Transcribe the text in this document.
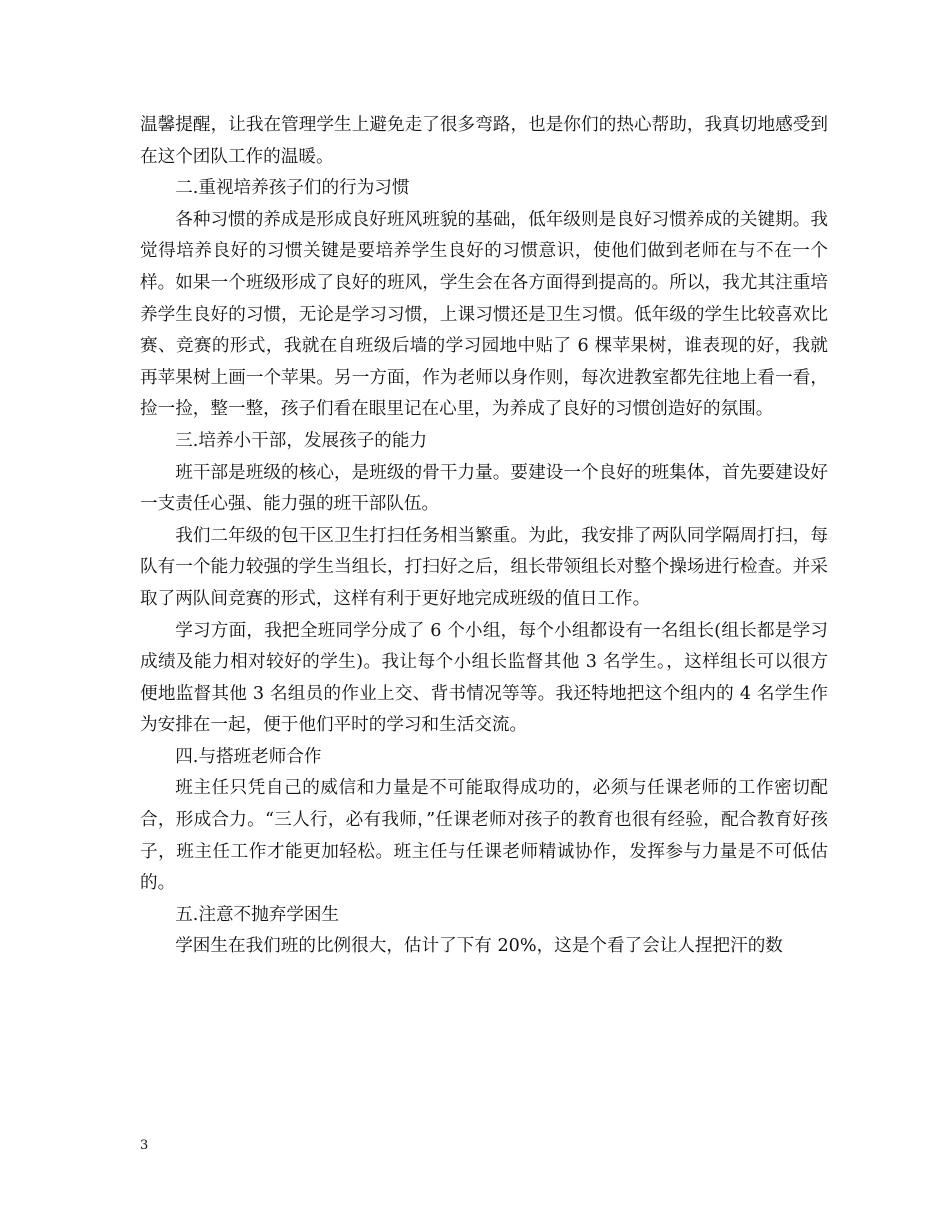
温馨提醒，让我在管理学生上避免走了很多弯路，也是你们的热心帮助，我真切地感受到在这个团队工作的温暖。

二.重视培养孩子们的行为习惯

各种习惯的养成是形成良好班风班貌的基础，低年级则是良好习惯养成的关键期。我觉得培养良好的习惯关键是要培养学生良好的习惯意识，使他们做到老师在与不在一个样。如果一个班级形成了良好的班风，学生会在各方面得到提高的。所以，我尤其注重培养学生良好的习惯，无论是学习习惯，上课习惯还是卫生习惯。低年级的学生比较喜欢比赛、竞赛的形式，我就在自班级后墙的学习园地中贴了 6 棵苹果树，谁表现的好，我就再苹果树上画一个苹果。另一方面，作为老师以身作则，每次进教室都先往地上看一看，捡一捡，整一整，孩子们看在眼里记在心里，为养成了良好的习惯创造好的氛围。

三.培养小干部，发展孩子的能力

班干部是班级的核心，是班级的骨干力量。要建设一个良好的班集体，首先要建设好一支责任心强、能力强的班干部队伍。

我们二年级的包干区卫生打扫任务相当繁重。为此，我安排了两队同学隔周打扫，每队有一个能力较强的学生当组长，打扫好之后，组长带领组长对整个操场进行检查。并采取了两队间竞赛的形式，这样有利于更好地完成班级的值日工作。

学习方面，我把全班同学分成了 6 个小组，每个小组都设有一名组长(组长都是学习成绩及能力相对较好的学生)。我让每个小组长监督其他 3 名学生。，这样组长可以很方便地监督其他 3 名组员的作业上交、背书情况等等。我还特地把这个组内的 4 名学生作为安排在一起，便于他们平时的学习和生活交流。

四.与搭班老师合作

班主任只凭自己的威信和力量是不可能取得成功的，必须与任课老师的工作密切配合，形成合力。“三人行，必有我师，”任课老师对孩子的教育也很有经验，配合教育好孩子，班主任工作才能更加轻松。班主任与任课老师精诚协作，发挥参与力量是不可低估的。

五.注意不抛弃学困生

学困生在我们班的比例很大，估计了下有 20%，这是个看了会让人捏把汗的数

3
